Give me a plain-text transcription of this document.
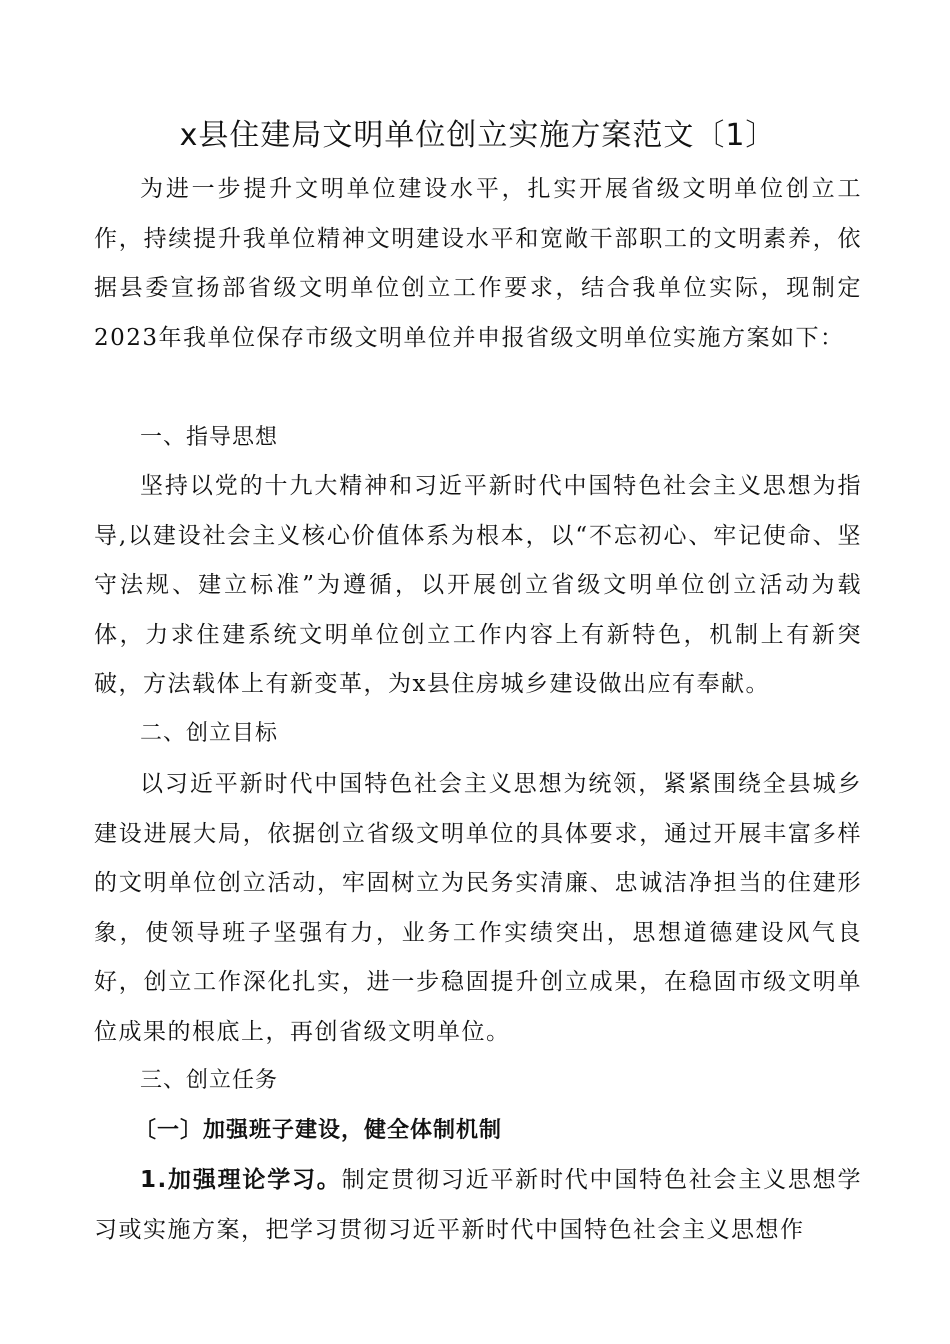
x县住建局文明单位创立实施方案范文〔1〕

为进一步提升文明单位建设水平，扎实开展省级文明单位创立工作，持续提升我单位精神文明建设水平和宽敞干部职工的文明素养，依据县委宣扬部省级文明单位创立工作要求，结合我单位实际，现制定2023年我单位保存市级文明单位并申报省级文明单位实施方案如下：

一、指导思想

坚持以党的十九大精神和习近平新时代中国特色社会主义思想为指导,以建设社会主义核心价值体系为根本，以“不忘初心、牢记使命、坚守法规、建立标准”为遵循，以开展创立省级文明单位创立活动为载体，力求住建系统文明单位创立工作内容上有新特色，机制上有新突破，方法载体上有新变革，为x县住房城乡建设做出应有奉献。

二、创立目标

以习近平新时代中国特色社会主义思想为统领，紧紧围绕全县城乡建设进展大局，依据创立省级文明单位的具体要求，通过开展丰富多样的文明单位创立活动，牢固树立为民务实清廉、忠诚洁净担当的住建形象，使领导班子坚强有力，业务工作实绩突出，思想道德建设风气良好，创立工作深化扎实，进一步稳固提升创立成果，在稳固市级文明单位成果的根底上，再创省级文明单位。

三、创立任务
〔一〕加强班子建设，健全体制机制

1.加强理论学习。制定贯彻习近平新时代中国特色社会主义思想学习或实施方案，把学习贯彻习近平新时代中国特色社会主义思想作
